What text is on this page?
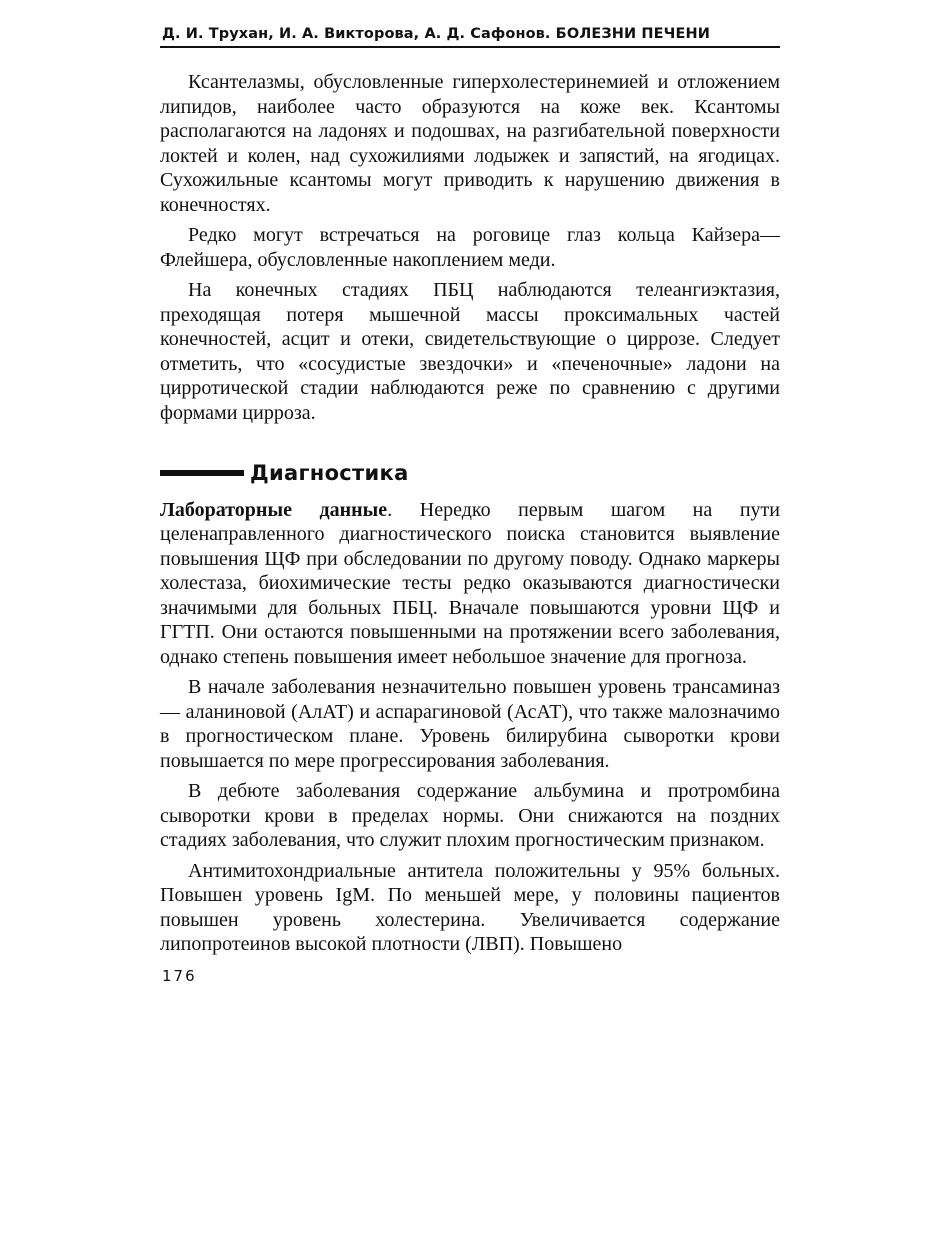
Д. И. Трухан, И. А. Викторова, А. Д. Сафонов. БОЛЕЗНИ ПЕЧЕНИ

Ксантелазмы, обусловленные гиперхолестеринемией и отложением липидов, наиболее часто образуются на коже век. Ксантомы располагаются на ладонях и подошвах, на разгибательной поверхности локтей и колен, над сухожилиями лодыжек и запястий, на ягодицах. Сухожильные ксантомы могут приводить к нарушению движения в конечностях.

Редко могут встречаться на роговице глаз кольца Кайзера—Флейшера, обусловленные накоплением меди.

На конечных стадиях ПБЦ наблюдаются телеангиэктазия, преходящая потеря мышечной массы проксимальных частей конечностей, асцит и отеки, свидетельствующие о циррозе. Следует отметить, что «сосудистые звездочки» и «печеночные» ладони на цирротической стадии наблюдаются реже по сравнению с другими формами цирроза.

Диагностика

Лабораторные данные. Нередко первым шагом на пути целенаправленного диагностического поиска становится выявление повышения ЩФ при обследовании по другому поводу. Однако маркеры холестаза, биохимические тесты редко оказываются диагностически значимыми для больных ПБЦ. Вначале повышаются уровни ЩФ и ГГТП. Они остаются повышенными на протяжении всего заболевания, однако степень повышения имеет небольшое значение для прогноза.

В начале заболевания незначительно повышен уровень трансаминаз — аланиновой (АлАТ) и аспарагиновой (АсАТ), что также малозначимо в прогностическом плане. Уровень билирубина сыворотки крови повышается по мере прогрессирования заболевания.

В дебюте заболевания содержание альбумина и протромбина сыворотки крови в пределах нормы. Они снижаются на поздних стадиях заболевания, что служит плохим прогностическим признаком.

Антимитохондриальные антитела положительны у 95% больных. Повышен уровень IgM. По меньшей мере, у половины пациентов повышен уровень холестерина. Увеличивается содержание липопротеинов высокой плотности (ЛВП). Повышено

176
